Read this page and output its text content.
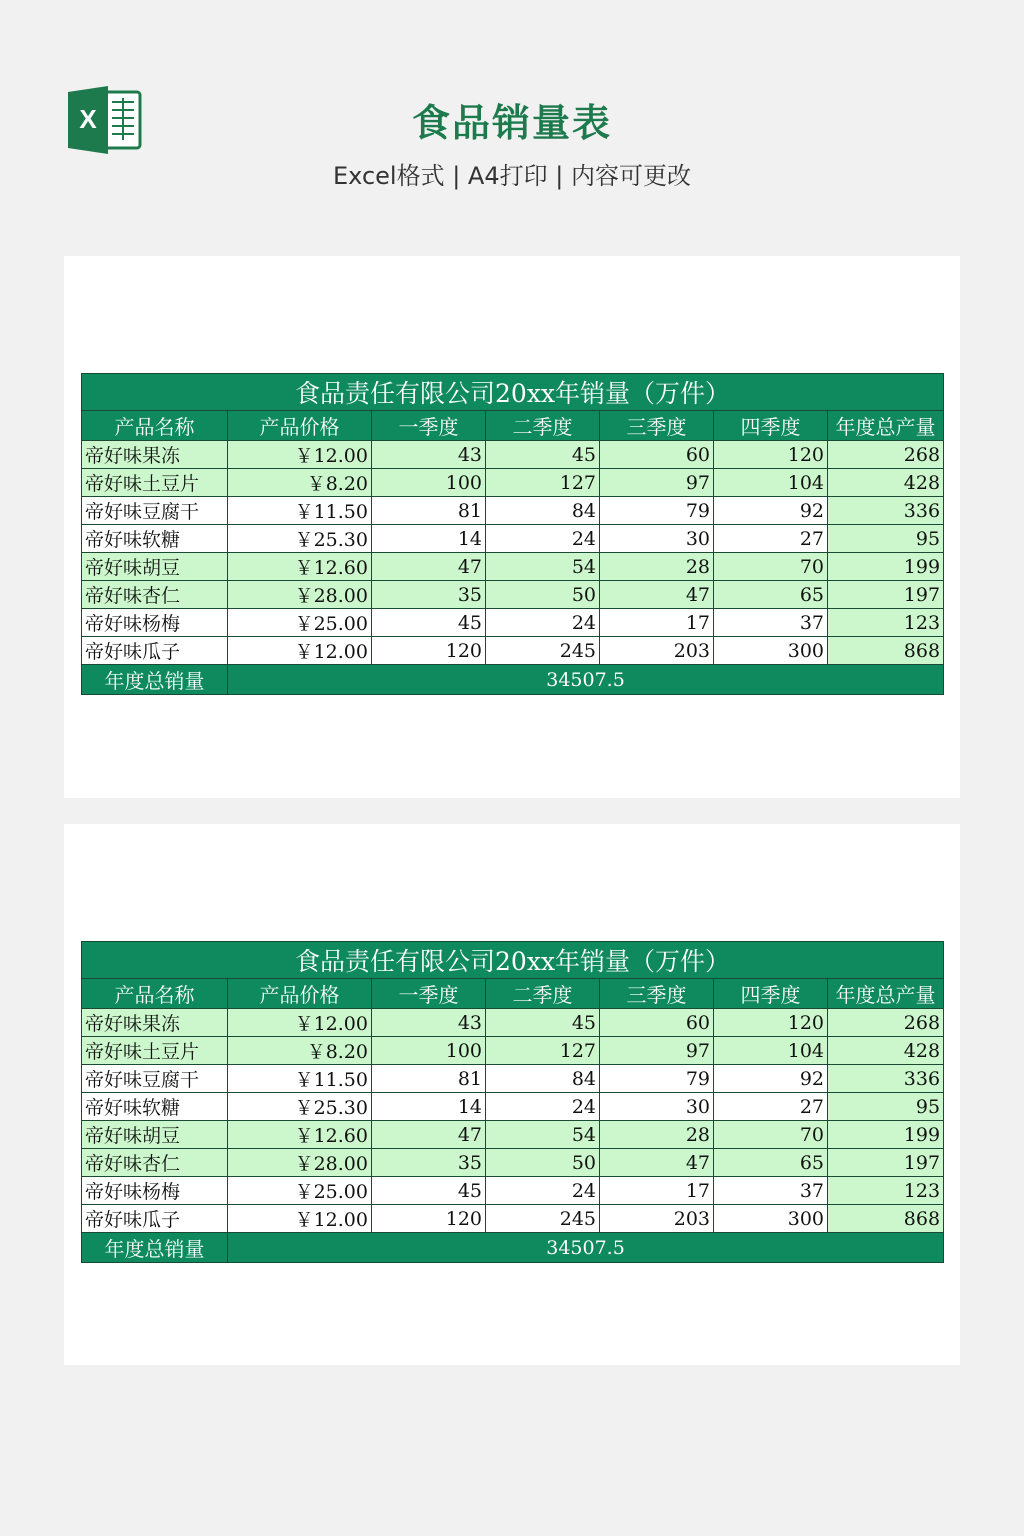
X	食品销量表
Excel格式 | A4打印 | 内容可更改
食品责任有限公司20xx年销量（万件）						
产品名称	产品价格	一季度	二季度	三季度	四季度	年度总产量
帝好味果冻	￥12.00	43	45	60	120	268
帝好味土豆片	￥8.20	100	127	97	104	428
帝好味豆腐干	￥11.50	81	84	79	92	336
帝好味软糖	￥25.30	14	24	30	27	95
帝好味胡豆	￥12.60	47	54	28	70	199
帝好味杏仁	￥28.00	35	50	47	65	197
帝好味杨梅	￥25.00	45	24	17	37	123
帝好味瓜子	￥12.00	120	245	203	300	868
年度总销量	34507.5					
食品责任有限公司20xx年销量（万件）						
产品名称	产品价格	一季度	二季度	三季度	四季度	年度总产量
帝好味果冻	￥12.00	43	45	60	120	268
帝好味土豆片	￥8.20	100	127	97	104	428
帝好味豆腐干	￥11.50	81	84	79	92	336
帝好味软糖	￥25.30	14	24	30	27	95
帝好味胡豆	￥12.60	47	54	28	70	199
帝好味杏仁	￥28.00	35	50	47	65	197
帝好味杨梅	￥25.00	45	24	17	37	123
帝好味瓜子	￥12.00	120	245	203	300	868
年度总销量	34507.5					
